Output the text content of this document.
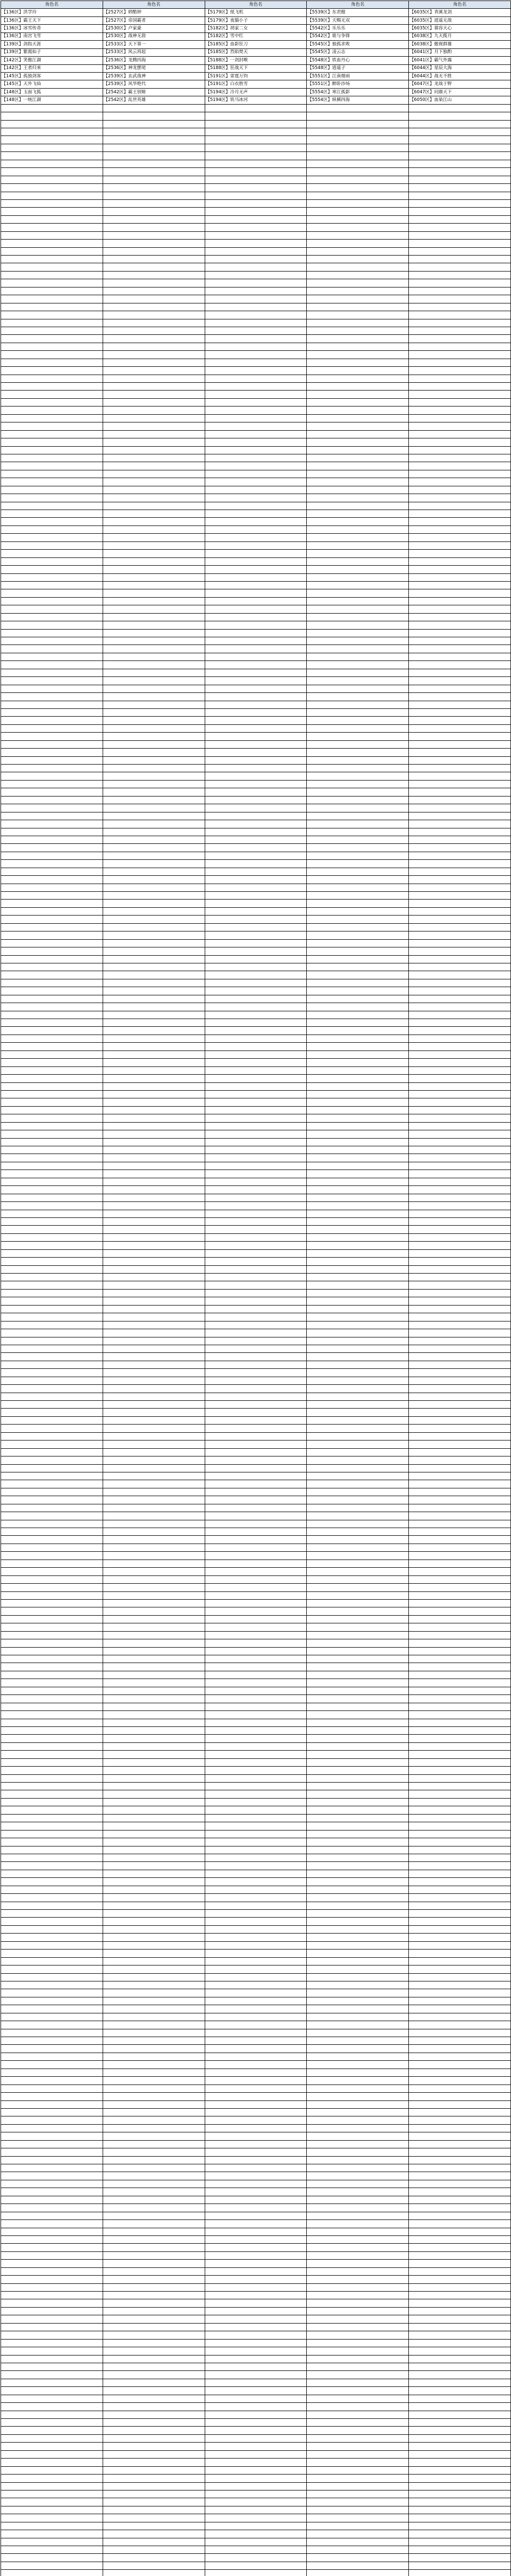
角色名	角色名	角色名	角色名	角色名
【136区】洪学玲	【2527区】婷酷钟	【5179区】纸飞机	【5539区】东君傲	【6035区】青溪龙剑
【136区】霸王天下	【2527区】帝国霸者	【5179区】夜猫小子	【5539区】天赐无双	【6035区】逍遥无敌
【136区】冰雪传奇	【2530区】卢家豪	【5182区】胡家二女	【5542区】乐乐乐	【6035区】慕容天心
【136区】南宫飞雪	【2530区】战神无敌	【5182区】雪中红	【5542区】谁与争锋	【6038区】九天揽月
【139区】剑指天涯	【2533区】天下第一	【5185区】血影狂刀	【5545区】独孤求败	【6038区】傲视群雄
【139区】紫霞仙子	【2533区】风云再起	【5185区】烈焰焚天	【5545区】凌云志	【6041区】月下独酌
【142区】笑傲江湖	【2536区】龙腾四海	【5188区】一剑封喉	【5548区】铁血丹心	【6041区】霸气外露
【142区】王者归来	【2536区】神龙摆尾	【5188区】狂战天下	【5548区】逍遥子	【6044区】星辰大海
【145区】孤独剑客	【2539区】玄武战神	【5191区】雷霆万钧	【5551区】江南烟雨	【6044区】战无不胜
【145区】天外飞仙	【2539区】风华绝代	【5191区】白衣胜雪	【5551区】醉卧沙场	【6047区】龙战于野
【148区】玉面飞狐	【2542区】霸王别姬	【5194区】冷月无声	【5554区】寒江孤影	【6047区】问鼎天下
【148区】一统江湖	【2542区】乱世英雄	【5194区】铁马冰河	【5554区】纵横四海	【6050区】血染江山
